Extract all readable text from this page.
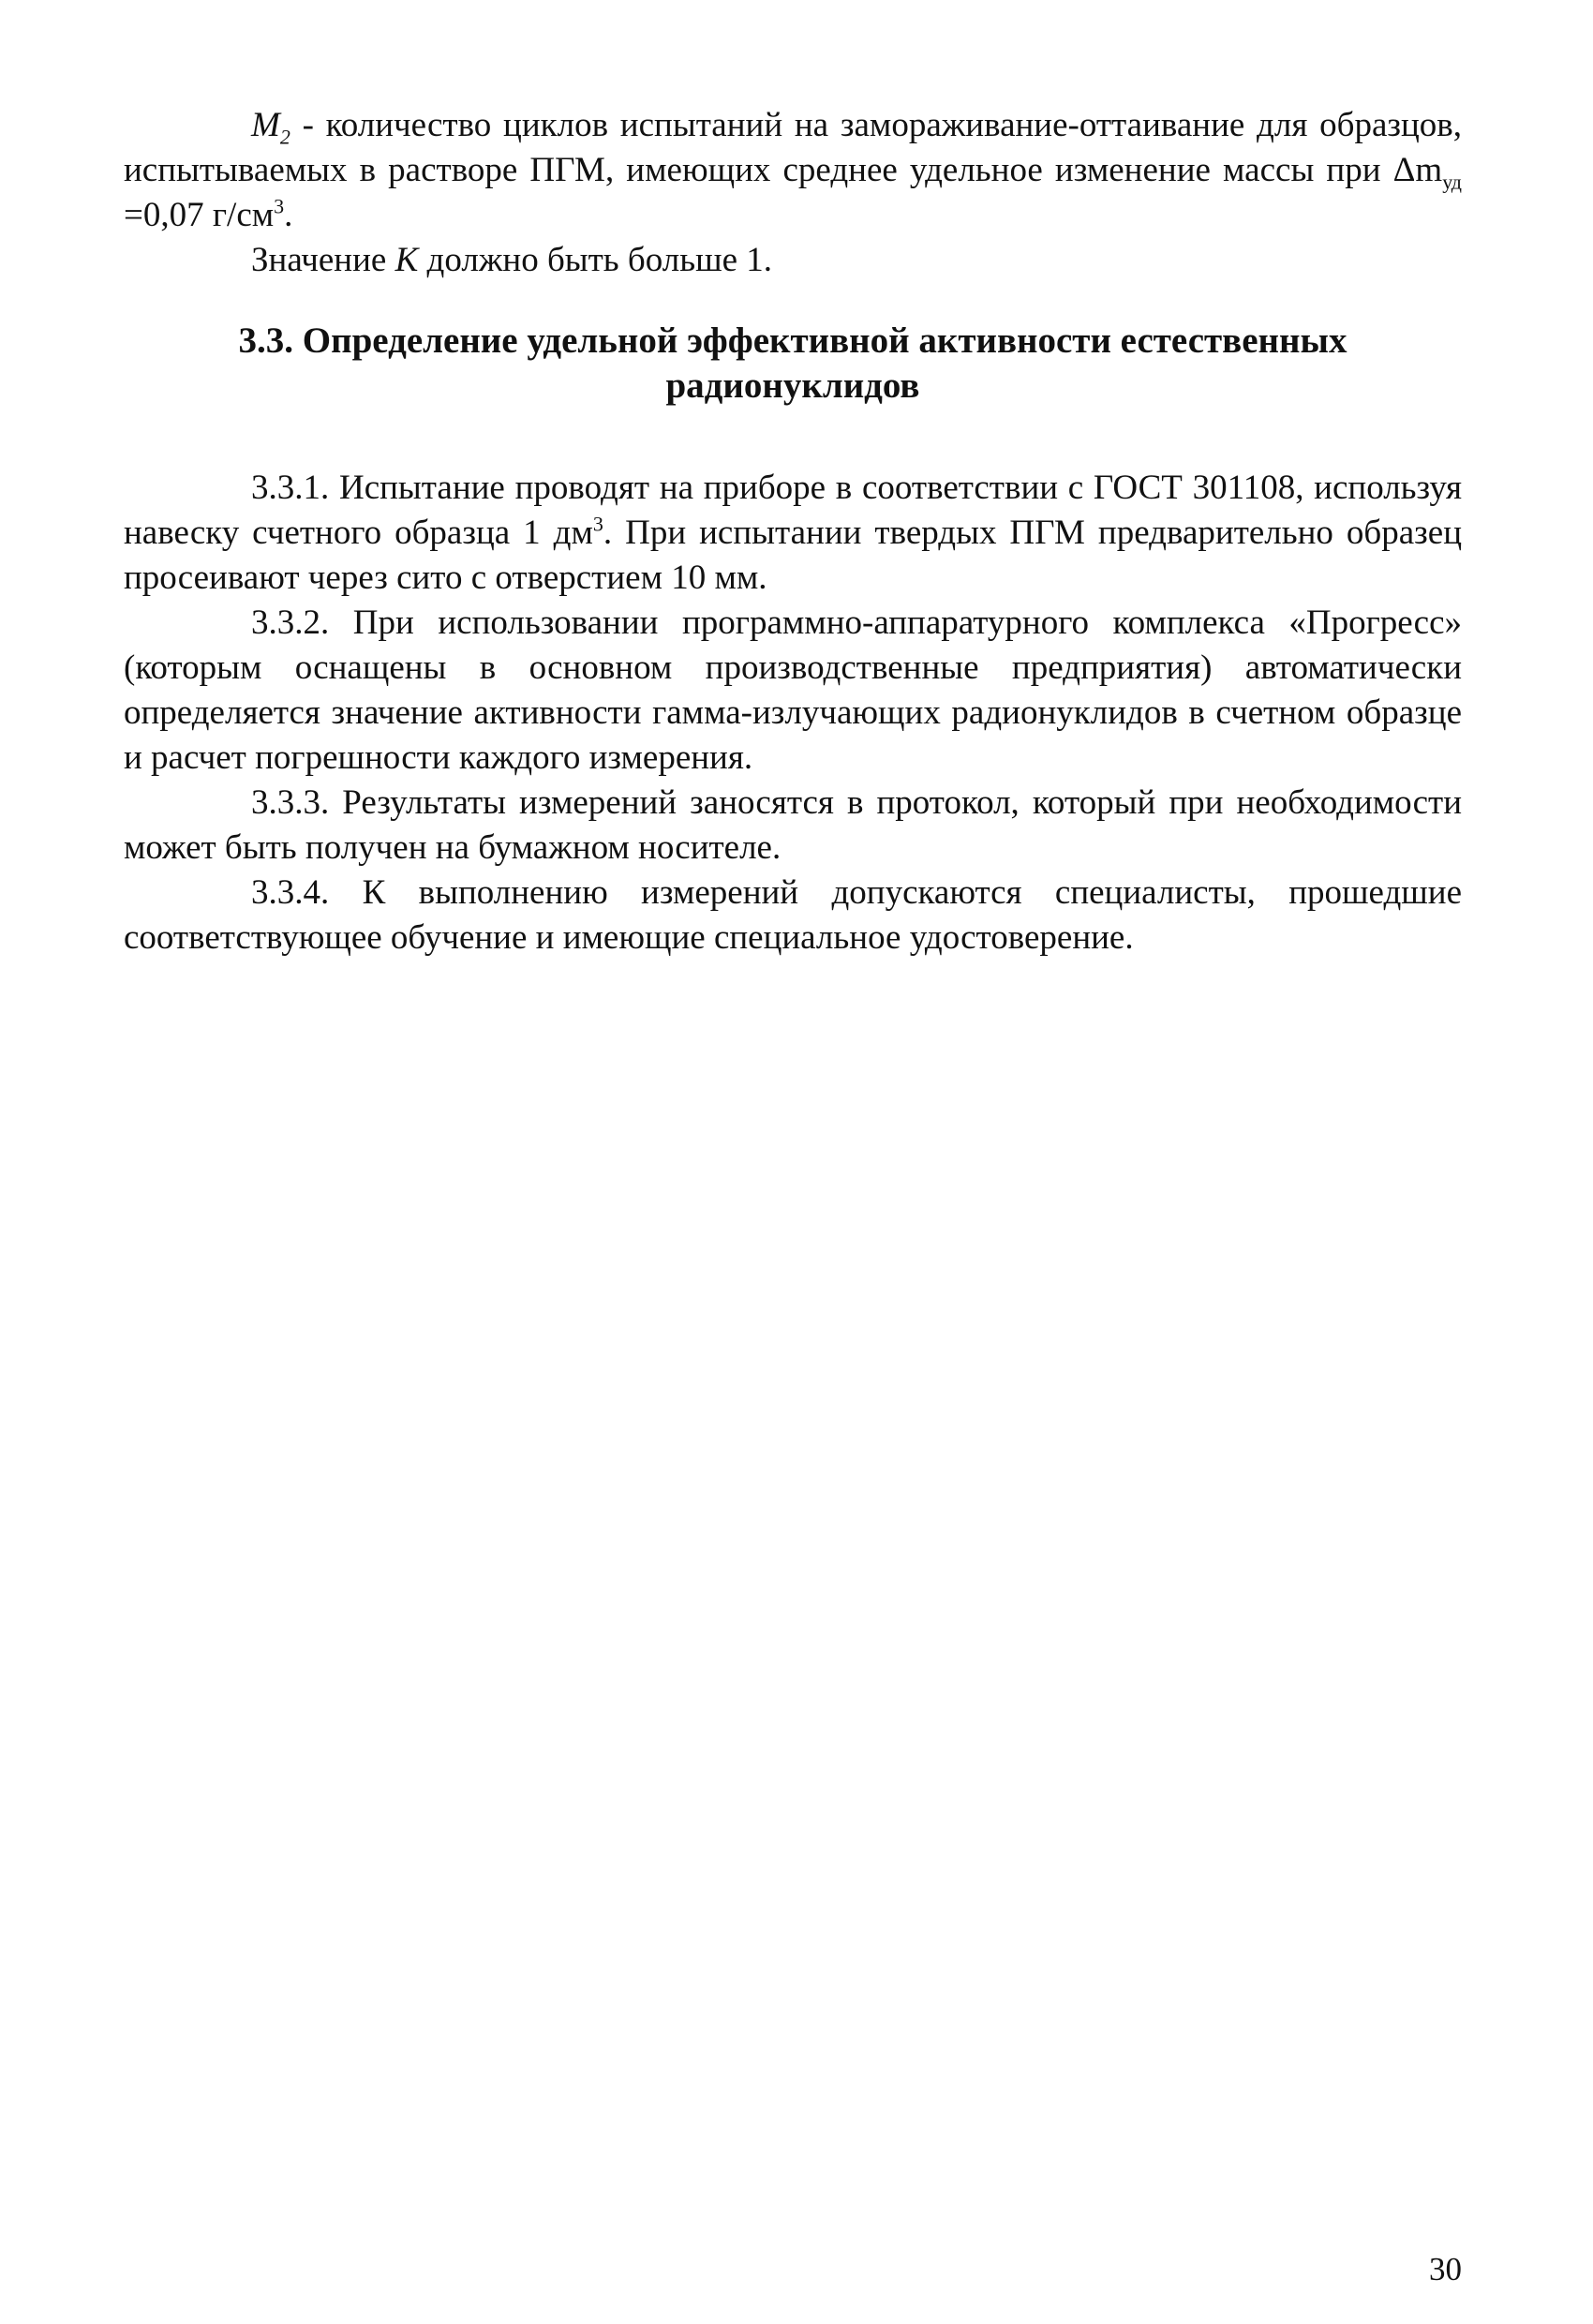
$M_2$ - количество циклов испытаний на замораживание-оттаивание для образцов, испытываемых в растворе ПГМ, имеющих среднее удельное изменение массы при $\Delta m_{уд} =0,07$ $г/см^3$.

Значение K должно быть больше 1.

3.3. Определение удельной эффективной активности естественных
радионуклидов

3.3.1. Испытание проводят на приборе в соответствии с ГОСТ 301108, используя навеску счетного образца 1 $дм^3$. При испытании твердых ПГМ предварительно образец просеивают через сито с отверстием 10 мм.

3.3.2. При использовании программно-аппаратурного комплекса «Прогресс» (которым оснащены в основном производственные предприятия) автоматически определяется значение активности гамма-излучающих радионуклидов в счетном образце и расчет погрешности каждого измерения.

3.3.3. Результаты измерений заносятся в протокол, который при необходимости может быть получен на бумажном носителе.

3.3.4. К выполнению измерений допускаются специалисты, прошедшие соответствующее обучение и имеющие специальное удостоверение.

30
